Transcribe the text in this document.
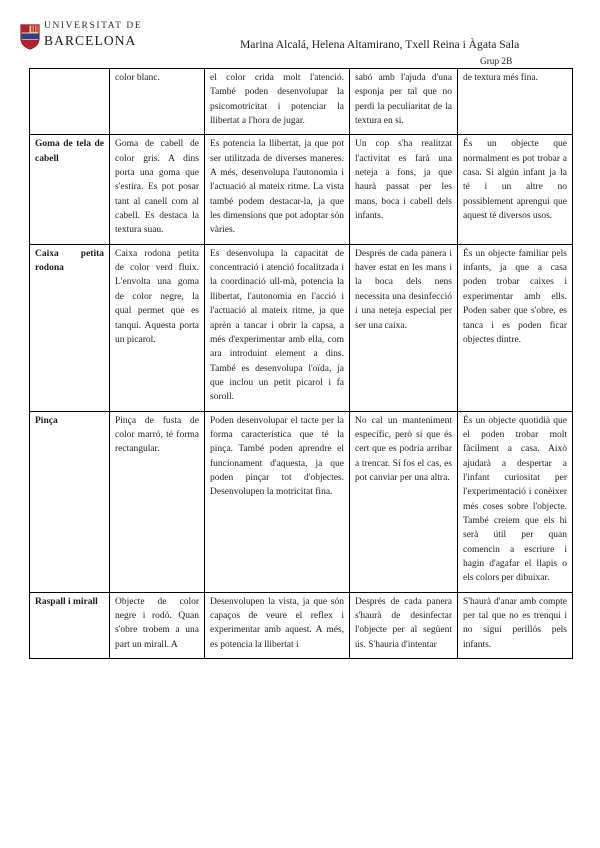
UNIVERSITAT DE
BARCELONA	Marina Alcalá, Helena Altamirano, Txell Reina i Àgata Sala
Grup 2B
	color blanc.	el color crida molt l'atenció. També poden desenvolupar la psicomotricitat i potenciar la llibertat a l'hora de jugar.	sabó amb l'ajuda d'una esponja per tal que no perdi la peculiaritat de la textura en si.	de textura més fina.
Goma de tela de cabell	Goma de cabell de color gris. A dins porta una goma que s'estira. Es pot posar tant al canell com al cabell. Es destaca la textura suau.	Es potencia la llibertat, ja que pot ser utilitzada de diverses maneres. A més, desenvolupa l'autonomia i l'actuació al mateix ritme. La vista també podem destacar-la, ja que les dimensions que pot adoptar són vàries.	Un cop s'ha realitzat l'activitat es farà una neteja a fons, ja que haurà passat per les mans, boca i cabell dels infants.	És un objecte que normalment es pot trobar a casa. Si algún infant ja la té i un altre no possiblement aprengui que aquest té diversos usos.
Caixa petita rodona	Caixa rodona petita de color verd fluix. L'envolta una goma de color negre, la qual permet que es tanqui. Aquesta porta un picarol.	Es desenvolupa la capacitat de concentració i atenció focalitzada i la coordinació ull-mà, potencia la llibertat, l'autonomia en l'acció i l'actuació al mateix ritme, ja que aprèn a tancar i obrir la capsa, a més d'experimentar amb ella, com ara introduint element a dins. També es desenvolupa l'oïda, ja que inclou un petit picarol i fa soroll.	Després de cada panera i haver estat en les mans i la boca dels nens necessita una desinfecció i una neteja especial per ser una caixa.	És un objecte familiar pels infants, ja que a casa poden trobar caixes i experimentar amb ells. Poden saber que s'obre, es tanca i es poden ficar objectes dintre.
Pinça	Pinça de fusta de color marró, té forma rectangular.	Poden desenvolupar el tacte per la forma característica que té la pinça. També poden aprendre el funcionament d'aquesta, ja que poden pinçar tot d'objectes. Desenvolupen la motricitat fina.	No cal un manteniment específic, però sí que és cert que es podria arribar a trencar. Si fos el cas, es pot canviar per una altra.	És un objecte quotidià que el poden trobar molt fàcilment a casa. Això ajudarà a despertar a l'infant curiositat per l'experimentació i conèixer més coses sobre l'objecte. També creiem que els hi serà útil per quan comencin a escriure i hagin d'agafar el llapis o els colors per dibuixar.
Raspall i mirall	Objecte de color negre i rodó. Quan s'obre trobem a una part un mirall. A	Desenvolupen la vista, ja que són capaços de veure el reflex i experimentar amb aquest. A més, es potencia la llibertat i	Després de cada panera s'haurà de desinfectar l'objecte per al següent ús. S'hauria d'intentar	S'haurà d'anar amb compte per tal que no es trenqui i no sigui perillós pels infants.
